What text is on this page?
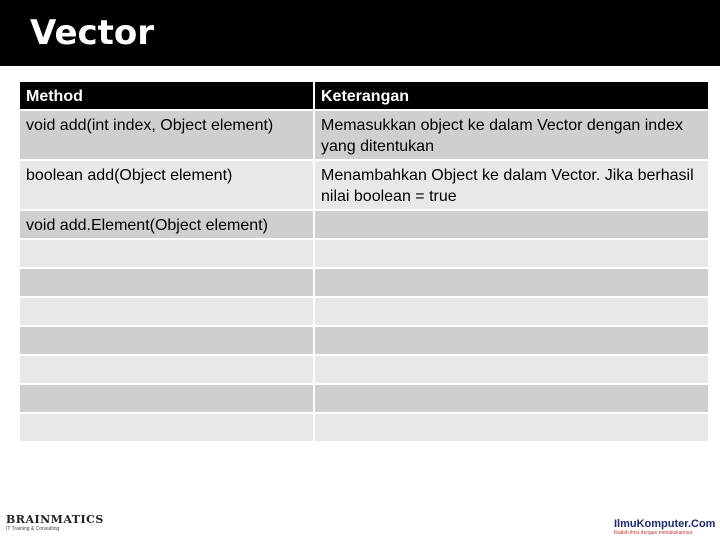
Vector
Method	Keterangan
void add(int index, Object element)	Memasukkan object ke dalam Vector dengan index yang ditentukan
boolean add(Object element)	Menambahkan Object ke dalam Vector. Jika berhasil nilai boolean = true
void add.Element(Object element)	

BRAINMATICS
IT Training & Consulting	IlmuKomputer.Com
Ikatlah ilmu dengan menuliskannya
